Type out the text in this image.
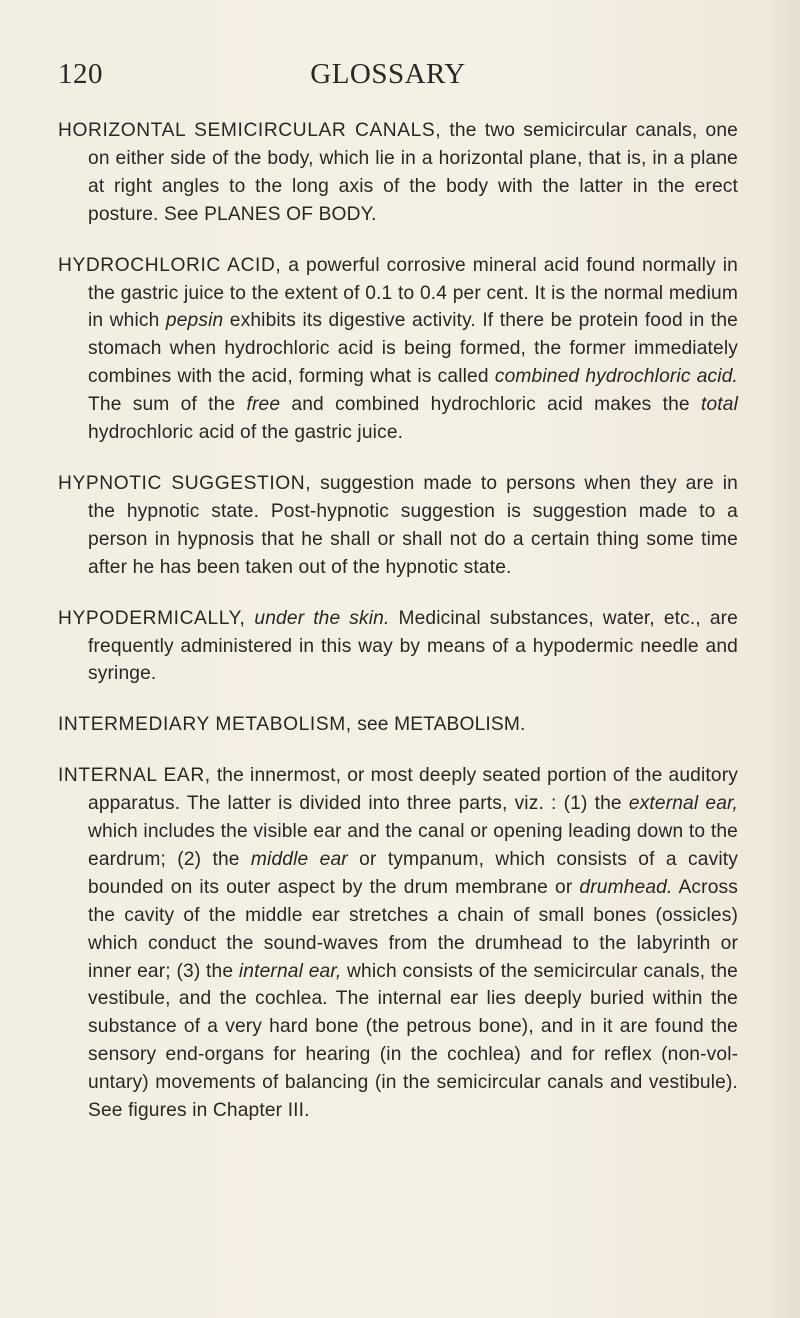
120	GLOSSARY

HORIZONTAL SEMICIRCULAR CANALS, the two semicircular canals, one on either side of the body, which lie in a horizontal plane, that is, in a plane at right angles to the long axis of the body with the latter in the erect posture. See PLANES OF BODY.

HYDROCHLORIC ACID, a powerful corrosive mineral acid found normally in the gastric juice to the extent of 0.1 to 0.4 per cent. It is the normal medium in which pepsin exhibits its digestive activity. If there be protein food in the stomach when hydrochloric acid is being formed, the former immediately combines with the acid, forming what is called combined hydrochloric acid. The sum of the free and combined hydrochloric acid makes the total hydrochloric acid of the gastric juice.

HYPNOTIC SUGGESTION, suggestion made to persons when they are in the hypnotic state. Post-hypnotic suggestion is suggestion made to a person in hypnosis that he shall or shall not do a certain thing some time after he has been taken out of the hypnotic state.

HYPODERMICALLY, under the skin. Medicinal substances, water, etc., are frequently administered in this way by means of a hypodermic needle and syringe.

INTERMEDIARY METABOLISM, see METABOLISM.

INTERNAL EAR, the innermost, or most deeply seated portion of the auditory apparatus. The latter is divided into three parts, viz. : (1) the external ear, which includes the visible ear and the canal or opening leading down to the eardrum; (2) the middle ear or tympanum, which consists of a cavity bounded on its outer aspect by the drum membrane or drumhead. Across the cavity of the middle ear stretches a chain of small bones (ossicles) which conduct the sound-waves from the drumhead to the labyrinth or inner ear; (3) the internal ear, which consists of the semicircular canals, the vestibule, and the cochlea. The internal ear lies deeply buried within the substance of a very hard bone (the petrous bone), and in it are found the sensory end-organs for hearing (in the cochlea) and for reflex (non-voluntary) movements of balancing (in the semicircular canals and vestibule). See figures in Chapter III.
